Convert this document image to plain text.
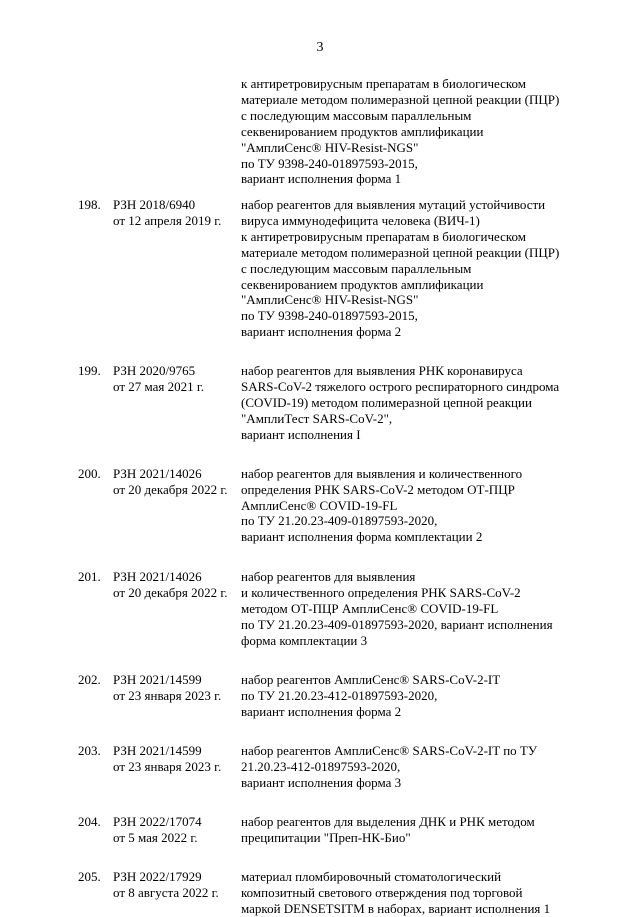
3
к антиретровирусным препаратам в биологическом
материале методом полимеразной цепной реакции (ПЦР)
с последующим массовым параллельным
секвенированием продуктов амплификации
"АмплиСенс® HIV-Resist-NGS"
по ТУ 9398-240-01897593-2015,
вариант исполнения форма 1
198. РЗН 2018/6940
от 12 апреля 2019 г.
набор реагентов для выявления мутаций устойчивости
вируса иммунодефицита человека (ВИЧ-1)
к антиретровирусным препаратам в биологическом
материале методом полимеразной цепной реакции (ПЦР)
с последующим массовым параллельным
секвенированием продуктов амплификации
"АмплиСенс® HIV-Resist-NGS"
по ТУ 9398-240-01897593-2015,
вариант исполнения форма 2
199. РЗН 2020/9765
от 27 мая 2021 г.
набор реагентов для выявления РНК коронавируса
SARS-CoV-2 тяжелого острого респираторного синдрома
(COVID-19) методом полимеразной цепной реакции
"АмплиТест SARS-CoV-2",
вариант исполнения I
200. РЗН 2021/14026
от 20 декабря 2022 г.
набор реагентов для выявления и количественного
определения РНК SARS-CoV-2 методом ОТ-ПЦР
АмплиСенс® COVID-19-FL
по ТУ 21.20.23-409-01897593-2020,
вариант исполнения форма комплектации 2
201. РЗН 2021/14026
от 20 декабря 2022 г.
набор реагентов для выявления
и количественного определения РНК SARS-CoV-2
методом ОТ-ПЦР АмплиСенс® COVID-19-FL
по ТУ 21.20.23-409-01897593-2020, вариант исполнения
форма комплектации 3
202. РЗН 2021/14599
от 23 января 2023 г.
набор реагентов АмплиСенс® SARS-CoV-2-IT
по ТУ 21.20.23-412-01897593-2020,
вариант исполнения форма 2
203. РЗН 2021/14599
от 23 января 2023 г.
набор реагентов АмплиСенс® SARS-CoV-2-IT по ТУ
21.20.23-412-01897593-2020,
вариант исполнения форма 3
204. РЗН 2022/17074
от 5 мая 2022 г.
набор реагентов для выделения ДНК и РНК методом
преципитации "Преп-НК-Био"
205. РЗН 2022/17929
от 8 августа 2022 г.
материал пломбировочный стоматологический
композитный светового отверждения под торговой
маркой DENSETSITM в наборах, вариант исполнения 1
